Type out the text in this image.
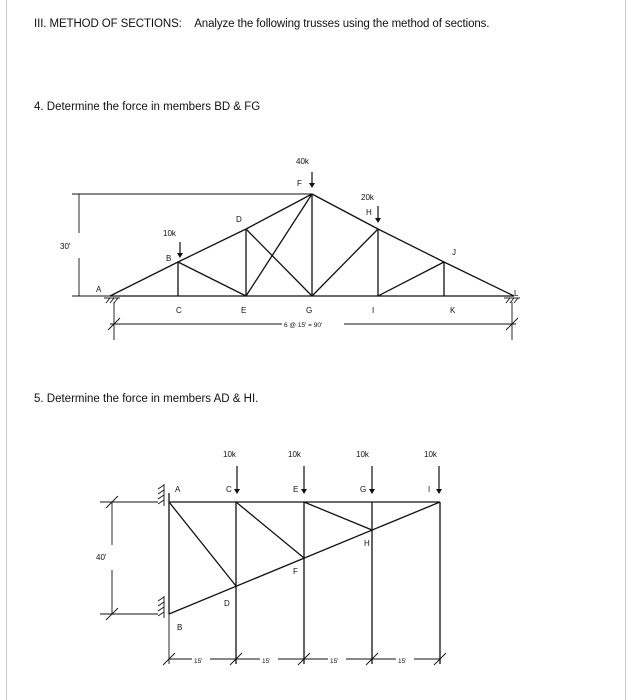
III. METHOD OF SECTIONS: Analyze the following trusses using the method of sections.
4. Determine the force in members BD & FG
5. Determine the force in members AD & HI.
30'
6 @ 15' = 90'
40k
20k
10k
A
B
C
D
E
F
G
H
I
J
K
L
40'
15'	15'	15'	15'
10k	10k	10k	10k
A
B
C
D
E
F
G
H
I
